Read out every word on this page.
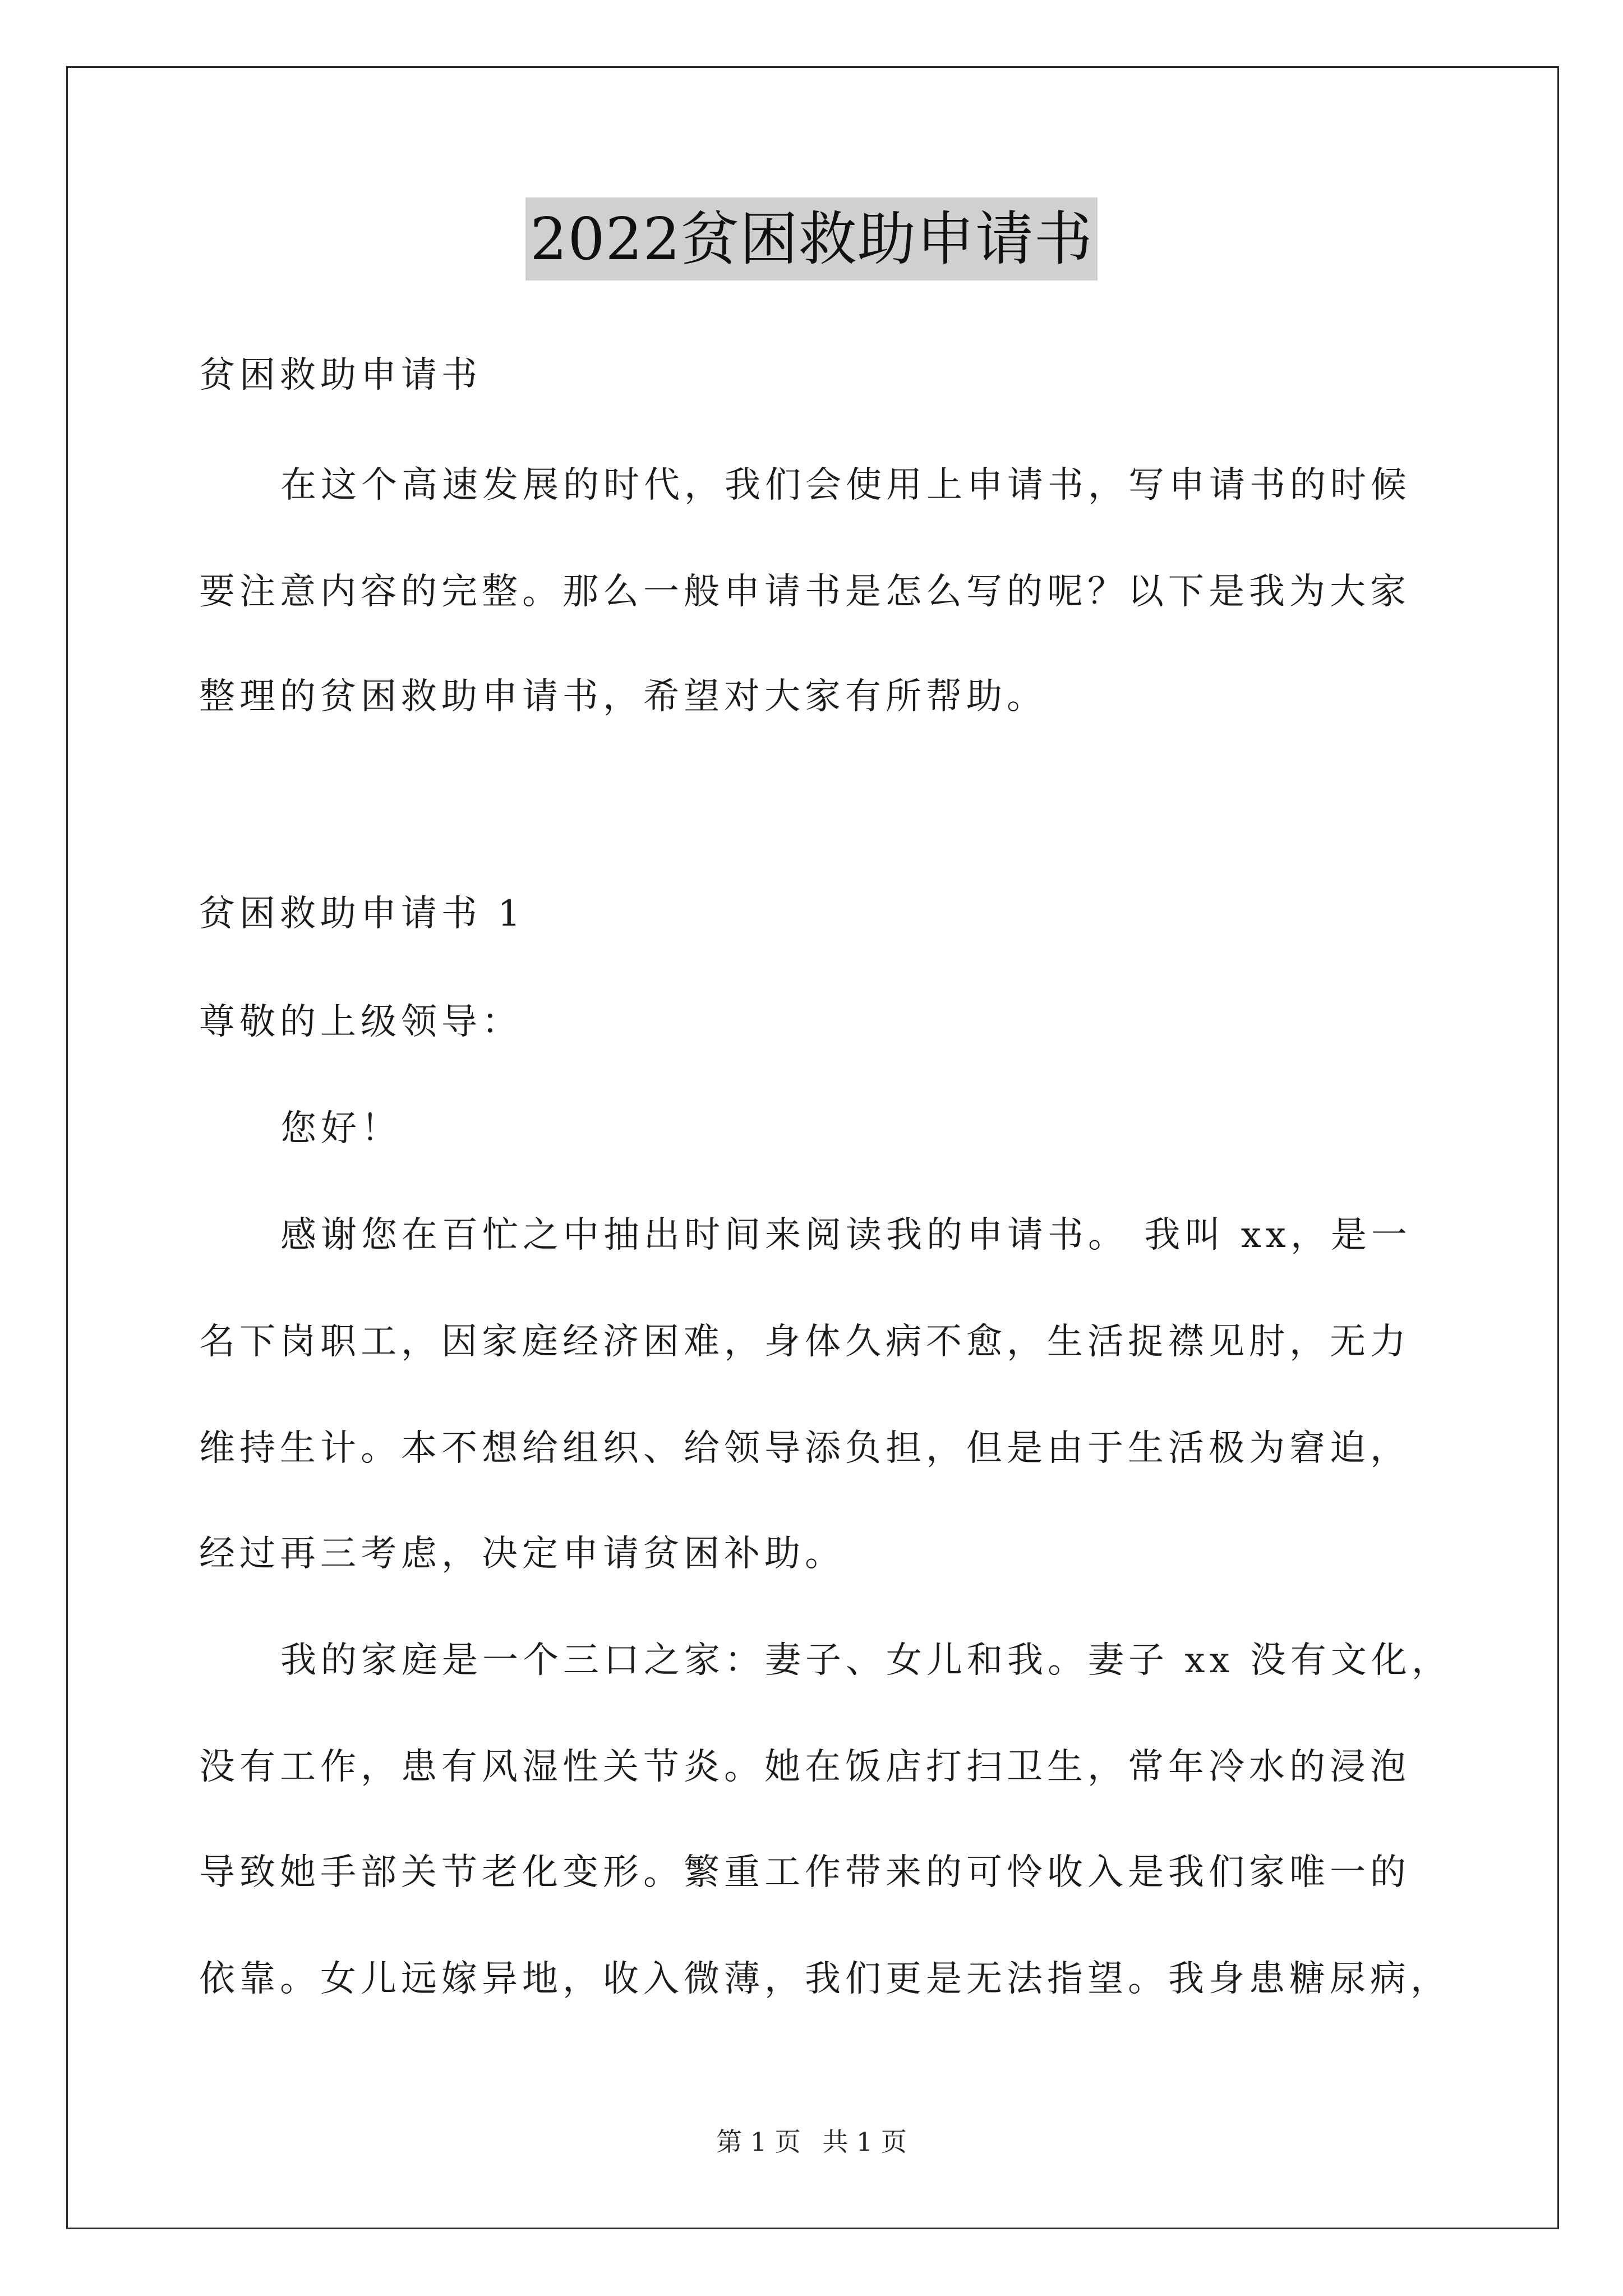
2022贫困救助申请书
贫困救助申请书
在这个高速发展的时代，我们会使用上申请书，写申请书的时候
要注意内容的完整。那么一般申请书是怎么写的呢？以下是我为大家
整理的贫困救助申请书，希望对大家有所帮助。
贫困救助申请书 1
尊敬的上级领导：
您好！
感谢您在百忙之中抽出时间来阅读我的申请书。 我叫 xx，是一
名下岗职工，因家庭经济困难，身体久病不愈，生活捉襟见肘，无力
维持生计。本不想给组织、给领导添负担，但是由于生活极为窘迫，
经过再三考虑，决定申请贫困补助。
我的家庭是一个三口之家：妻子、女儿和我。妻子 xx 没有文化，
没有工作，患有风湿性关节炎。她在饭店打扫卫生，常年冷水的浸泡
导致她手部关节老化变形。繁重工作带来的可怜收入是我们家唯一的
依靠。女儿远嫁异地，收入微薄，我们更是无法指望。我身患糖尿病，
第 1 页 共 1 页
